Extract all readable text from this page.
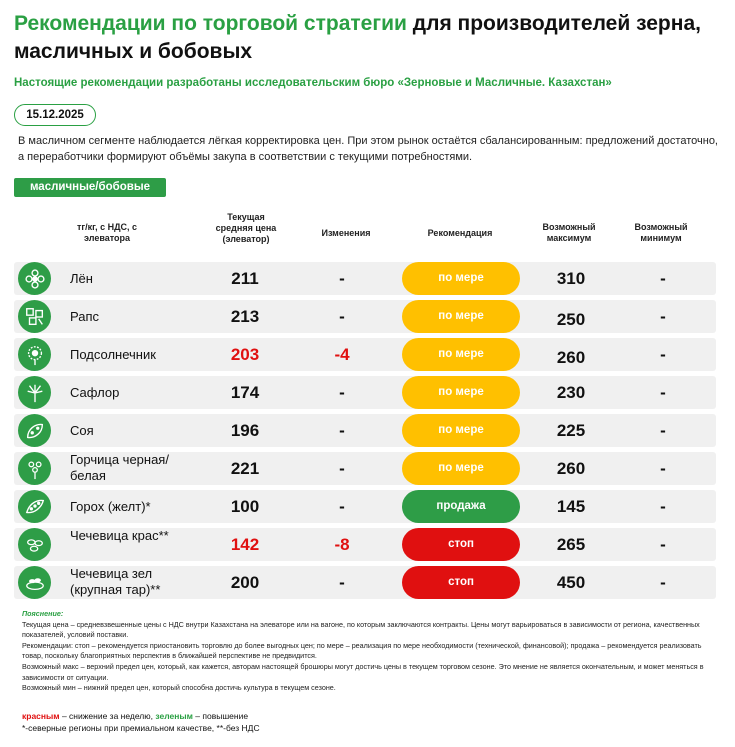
Рекомендации по торговой стратегии для производителей зерна, масличных и бобовых
Настоящие рекомендации разработаны исследовательским бюро «Зерновые и Масличные. Казахстан»
15.12.2025
В масличном сегменте наблюдается лёгкая корректировка цен. При этом рынок остаётся сбалансированным: предложений достаточно, а переработчики формируют объёмы закупа в соответствии с текущими потребностями.
масличные/бобовые
тг/кг, с НДС, с элеватора
Текущая средняя цена (элеватор)
Изменения	Рекомендация
Возможный максимум
Возможный минимум
Лён	211	-	по мере	310	-
Рапс	213	-	по мере	250	-
Подсолнечник	203	-4	по мере	260	-
Сафлор	174	-	по мере	230	-
Соя	196	-	по мере	225	-
Горчица черная/белая	221	-	по мере	260	-
Горох (желт)*	100	-	продажа	145	-
Чечевица крас**	142	-8	стоп	265	-
Чечевица зел (крупная тар)**	200	-	стоп	450	-
Пояснение:
Текущая цена – средневзвешенные цены с НДС внутри Казахстана на элеваторе или на вагоне, по которым заключаются контракты. Цены могут варьироваться в зависимости от региона, качественных показателей, условий поставки.
Рекомендации: стоп – рекомендуется приостановить торговлю до более выгодных цен; по мере – реализация по мере необходимости (технической, финансовой); продажа – рекомендуется реализовать товар, поскольку благоприятных перспектив в ближайшей перспективе не предвидится.
Возможный макс – верхний предел цен, который, как кажется, авторам настоящей брошюры могут достичь цены в текущем торговом сезоне. Это мнение не является окончательным, и может меняться в зависимости от ситуации.
Возможный мин – нижний предел цен, который способна достичь культура в текущем сезоне.
красным – снижение за неделю, зеленым – повышение
*-северные регионы при премиальном качестве, **-без НДС
